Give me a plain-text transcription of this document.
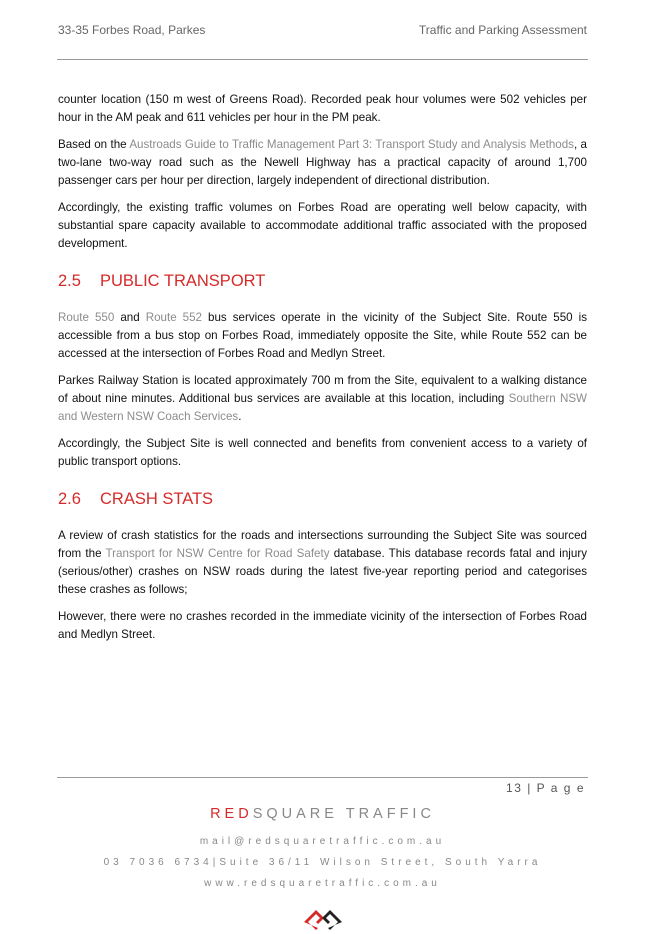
33-35 Forbes Road, Parkes	Traffic and Parking Assessment

counter location (150 m west of Greens Road). Recorded peak hour volumes were 502 vehicles per hour in the AM peak and 611 vehicles per hour in the PM peak.

Based on the Austroads Guide to Traffic Management Part 3: Transport Study and Analysis Methods, a two-lane two-way road such as the Newell Highway has a practical capacity of around 1,700 passenger cars per hour per direction, largely independent of directional distribution.

Accordingly, the existing traffic volumes on Forbes Road are operating well below capacity, with substantial spare capacity available to accommodate additional traffic associated with the proposed development.

2.5	PUBLIC TRANSPORT

Route 550 and Route 552 bus services operate in the vicinity of the Subject Site. Route 550 is accessible from a bus stop on Forbes Road, immediately opposite the Site, while Route 552 can be accessed at the intersection of Forbes Road and Medlyn Street.

Parkes Railway Station is located approximately 700 m from the Site, equivalent to a walking distance of about nine minutes. Additional bus services are available at this location, including Southern NSW and Western NSW Coach Services.

Accordingly, the Subject Site is well connected and benefits from convenient access to a variety of public transport options.

2.6	CRASH STATS

A review of crash statistics for the roads and intersections surrounding the Subject Site was sourced from the Transport for NSW Centre for Road Safety database. This database records fatal and injury (serious/other) crashes on NSW roads during the latest five-year reporting period and categorises these crashes as follows;

However, there were no crashes recorded in the immediate vicinity of the intersection of Forbes Road and Medlyn Street.

13 | P a g e
REDSQUARE TRAFFIC
mail@redsquaretraffic.com.au
03 7036 6734|Suite 36/11 Wilson Street, South Yarra
www.redsquaretraffic.com.au
